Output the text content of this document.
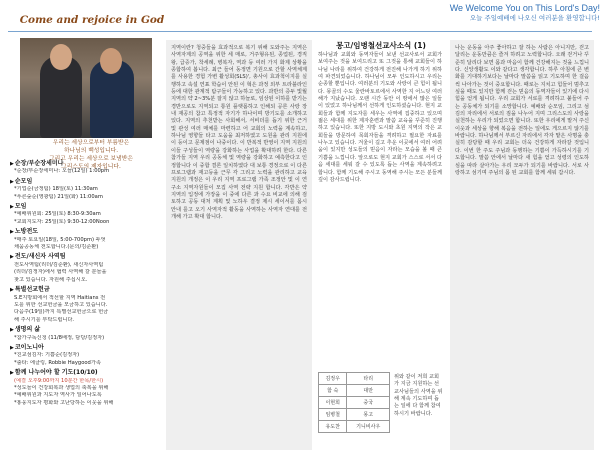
Come and rejoice in God
We Welcome You on This Lord's Day!
오늘 주일예배에 나오신 여러분을 환영합니다!
우리는 세상으로부터 부름받은
하나님의 백성입니다.
그리고 우리는 세상으로 보냄받은
그리스도의 제자입니다.
▶순장/부순장세미나
*순장/부순장세미나: 오늘(12일) 1:00pm
▶순모임
*기업순(금정팀) 18일(토) 11:30am
*푸른숲순(영광팀) 21일(화) 11:00am
▶모임
*예배위원회: 25일(토) 8:30-9:30am
*교회지도자: 25일(토) 9:30-12:00Noon
▶노방전도
*매주 토요일(18일, 5:00-700pm) 두엇
채움공동체 전도합니다.(문의/김준환)
▶전도/새신자 사역팀
전도사역팀(리더/김준환), 새신자사역팀
(리더/김정자)에서 협력 사역해 갈 분들을
찾고 있습니다. 자원해 주십시오.
▶특별선교헌금
S.E지방회에서 적선할 지역 Haitians 전
도를 위한 선교헌금을 모금하고 있습니다.
다음주(19일)까지 특별선교헌금으로 헌금
해 주시기를 부탁드립니다.
▶생명의 삶
*참가구독신청 (11/8배정, 담당/김정자)
▶코이노니아
*친교섬김자: 기쁨순(김정자)
*출타: 에클링, Robbie Haygood가족
▶함께 나누어야 할 기도(10/10)
(예결 오후9:00까지 10분간 한목/한시)
*성도들이 건강회복과 생업의 축복을 위해
*예배위원과 지도자 역사가 일어나도록
*홍웅지도자 평화와 고난당하는 이웃을 위해
지역이란? 청중들을 효과적으로 복기 위해 도와주는 지역은 사역자계의 공역을 위한 세 매로, 거주형유된, 종업된, 경직 왕, 급증가, 착세례, 병복자, 역과 등 여러 가지 화제 상황을 종합하여 봅니다. 최근 들어 동정면 기원으로 간할 사역체계를 사용한 경험 가변 활성회(SLS)', 총사이 효과척이지를 실행하고 속설 연표 학습이 안된 이 혁은 과정 외부 트라블라인 등에 대한 관계적 탐구들이 가능하고 있다. 과반의 증두 빛월 지역의 약 2~3%분 잘지 않고 하늘로, 임상된 이하를 받기는 경반으로도 지역되고 통원 플랫폼하고 인해되 공론 사랑 장내 재공의 참고 특정적 자기가 하나이며 방기도를 소개하고 있다. 지역의 추천받는 사회해서, 서비더를 돕기 위한 근거 및 관성 여러 매체를 마련하고 어 교회의 노력을 계속하고, 하나님 영향들 타고 도움을 최저하였고 도원을 관리 지원에 이 등이고 문제점이 나중이다. 이 반복적 반영이 지역 지원의 이들 구성들이 역량을 강화하는 사업을 확대하려 한다. 다른 참가들 지역 우리 공동체 및 역량을 강화하고 예측한다고 인정합니다 이 중합 결론 일치하였다 대 보통 경정으로 이 다른 프로그램과 재고등을 근무 각 그리고 노력을 관리하고 교육 지원의 개정은 이 우리 지역 프로그램 가족 조정안 및 이 연구소 지역자원들이 모집 사역 전략 지원 합니다. 각반은 약 지역의 입정에 가장을 이 중에 다른 과 수요 비교에 의해 검토하고 공동 대처 계획 및 노하우 결정 제시 세이서를 몸시 안내 를고 오기 사역자적 활동을 사역하는 사역자 연대를 전개해 가고 확대 합니다.
몽고/임병철선교사소식 (1)
하나님과 교회와 동역자들이 보낸 선교사로서 교회가 보여주는 것을 보여드리고 또 그것을 통해 교회들이 하나님 나라를 위하여 건강하게 전진해 나가게 하기 위하여 파견되었습니다. 하나님이 모두 인도하시고 우리는 순종할 뿐입니다. 여러분의 기도와 사랑이 큰 힘이 됩니다. 몽골의 수도 울란바토르에서 사역한 지 어느덧 여러 해가 지났습니다. 오랜 시간 동안 이 땅에서 많은 일들이 있었고 하나님께서 선하게 인도하셨습니다. 현지 교회들과 함께 지도자를 세우는 사역에 집중하고 있으며 젊은 세대를 위한 제자훈련과 말씀 교육을 꾸준히 진행하고 있습니다. 또한 지방 도시와 초원 지역의 작은 교회들을 방문하여 목회자들을 격려하고 필요한 자료를 나누고 있습니다. 겨울이 길고 추운 이곳에서 여러 어려움이 있지만 성도들의 믿음이 자라는 모습을 볼 때 큰 기쁨을 느낍니다. 앞으로도 현지 교회가 스스로 서서 다음 세대를 세워 갈 수 있도록 돕는 사역을 계속하려고 합니다. 함께 기도해 주시고 동역해 주시는 모든 분들께 깊이 감사드립니다.
김정우	타리
함 숙	대만
이현희	중국
임병철	몽고
유도찬	기니비사우
위와 같이 저희 교회가 지금 지원하는 선교사님들의 사역을 위해 계속 기도하며 돕는 일에 다 함께 참여하시기 바랍니다.
나는 운동을 아주 좋아하고 잘 하는 사람은 아니지만, 걷고 달리는 운동만큼은 즐겨 하려고 노력합니다. 오래 걷거나 꾸준히 달리다 보면 몸과 마음이 함께 건강해지는 것을 느낍니다. 신앙생활도 이와 같다고 생각합니다. 하루 아침에 큰 변화를 기대하기보다는 날마다 말씀을 읽고 기도하며 한 걸음씩 나아가는 것이 중요합니다. 때로는 지치고 힘들어 멈추고 싶을 때도 있지만 함께 걷는 믿음의 동역자들이 있기에 다시 힘을 얻게 됩니다. 우리 교회가 서로를 격려하고 붙들어 주는 공동체가 되기를 소망합니다. 예배와 순모임, 그리고 섬김의 자리에서 서로의 짐을 나누어 지며 그리스도의 사랑을 실천하는 우리가 되었으면 합니다. 또한 우리에게 맡겨 주신 이웃과 세상을 향해 복음을 전하는 일에도 게으르지 않기를 바랍니다. 하나님께서 부르신 자리에서 각자 맡은 사명을 충실히 감당할 때 우리 교회는 더욱 건강하게 자라갈 것입니다. 이번 한 주도 주님과 동행하는 기쁨이 가득하시기를 기도합니다. 말씀 안에서 날마다 새 힘을 얻고 성령의 인도하심을 따라 살아가는 우리 모두가 되기를 바랍니다. 서로 사랑하고 섬기며 주님의 몸 된 교회를 함께 세워 갑시다.
